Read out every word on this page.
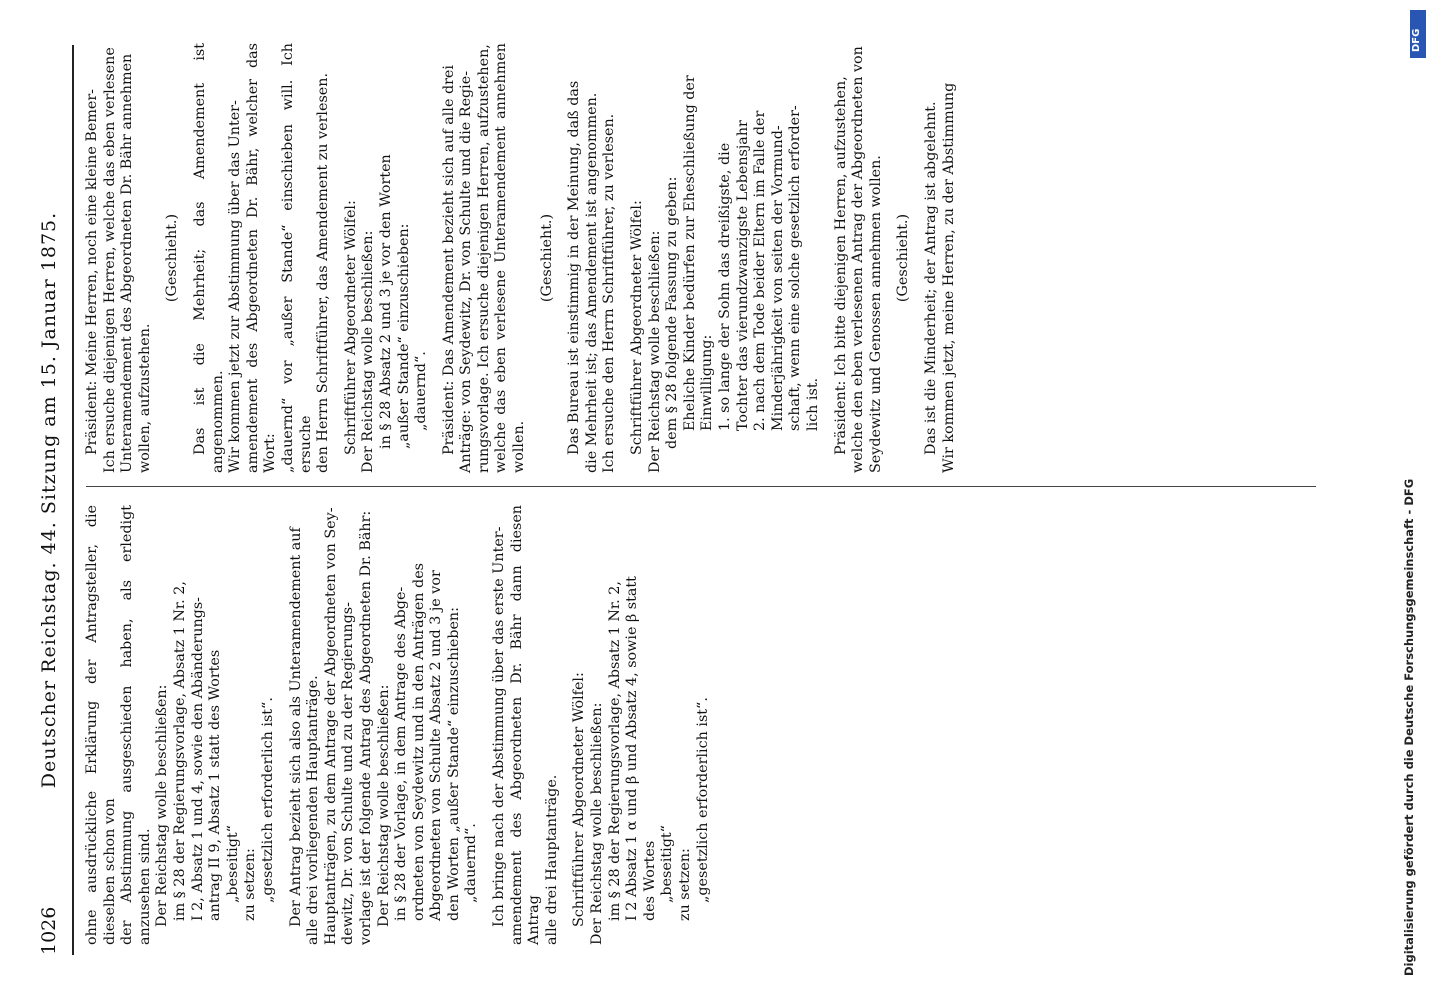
1026
Deutscher Reichstag. 44. Sitzung am 15. Januar 1875. ohne ausdrückliche Erklärung der Antragsteller, die dieselben schon von der Abstimmung ausgeschieden haben, als erledigt anzusehen sind. Der Reichstag wolle beschließen: im § 28 der Regierungsvorlage, Absatz 1 Nr. 2, I 2, Absatz 1 und 4, sowie den Abänderungs- antrag II 9, Absatz 1 statt des Wortes „beseitigt“ zu setzen: „gesetzlich erforderlich ist“. Der Antrag bezieht sich also als Unteramendement auf alle drei vorliegenden Hauptanträge. Hauptanträgen, zu dem Antrage der Abgeordneten von Sey- dewitz, Dr. von Schulte und zu der Regierungs- vorlage ist der folgende Antrag des Abgeordneten Dr. Bähr: Der Reichstag wolle beschließen: in § 28 der Vorlage, in dem Antrage des Abge- ordneten von Seydewitz und in den Anträgen des Abgeordneten von Schulte Absatz 2 und 3 je vor den Worten „außer Stande“ einzuschieben: „dauernd“. Ich bringe nach der Abstimmung über das erste Unter- amendement des Abgeordneten Dr. Bähr dann diesen Antrag alle drei Hauptanträge. Schriftführer Abgeordneter Wölfel: Der Reichstag wolle beschließen: im § 28 der Regierungsvorlage, Absatz 1 Nr. 2, I 2 Absatz 1 α und β und Absatz 4, sowie β statt des Wortes „beseitigt“ zu setzen: „gesetzlich erforderlich ist“.

Präsident: Meine Herren, noch eine kleine Bemer- Ich ersuche diejenigen Herren, welche das eben verlesene Unteramendement des Abgeordneten Dr. Bähr annehmen wollen, aufzustehen.

(Geschieht.) Das ist die Mehrheit; das Amendement ist angenommen. Wir kommen jetzt zur Abstimmung über das Unter- amendement des Abgeordneten Dr. Bähr, welcher das Wort: „dauernd“ vor „außer Stande“ einschieben will. Ich ersuche den Herrn Schriftführer, das Amendement zu verlesen. Schriftführer Abgeordneter Wölfel: Der Reichstag wolle beschließen: in § 28 Absatz 2 und 3 je vor den Worten „außer Stande“ einzuschieben: „dauernd“. Präsident: Das Amendement bezieht sich auf alle drei Anträge: von Seydewitz, Dr. von Schulte und die Regie- rungsvorlage. Ich ersuche diejenigen Herren, aufzustehen, welche das eben verlesene Unteramendement annehmen wollen.

(Geschieht.) Das Bureau ist einstimmig in der Meinung, daß das die Mehrheit ist; das Amendement ist angenommen. Ich ersuche den Herrn Schriftführer, zu verlesen. Schriftführer Abgeordneter Wölfel: Der Reichstag wolle beschließen: dem § 28 folgende Fassung zu geben: Eheliche Kinder bedürfen zur Eheschließung der Einwilligung: 1. so lange der Sohn das dreißigste, die Tochter das vierundzwanzigste Lebensjahr 2. nach dem Tode beider Eltern im Falle der Minderjährigkeit von seiten der Vormund- schaft, wenn eine solche gesetzlich erforder- lich ist. Präsident: Ich bitte diejenigen Herren, aufzustehen, welche den eben verlesenen Antrag der Abgeordneten von Seydewitz und Genossen annehmen wollen. (Geschieht.) Das ist die Minderheit; der Antrag ist abgelehnt. Wir kommen jetzt, meine Herren, zu der Abstimmung

Digitalisierung gefördert durch die Deutsche Forschungsgemeinschaft - DFG
DFG
